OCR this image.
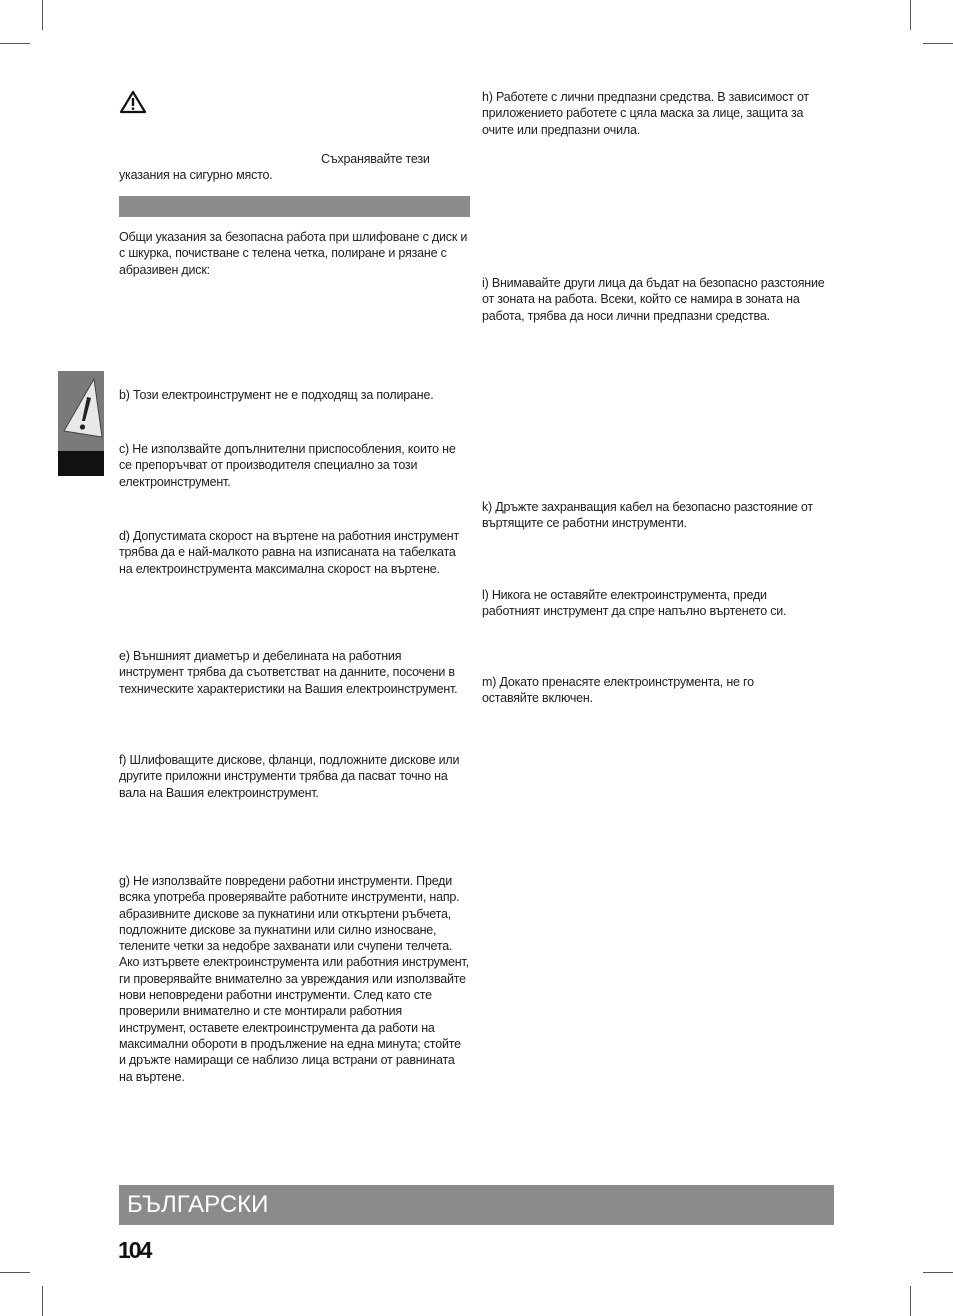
Съхранявайте тези

указания на сигурно място.

Общи указания за безопасна работа при шлифоване с диск и с шкурка, почистване с телена четка, полиране и рязане с абразивен диск:

b) Този електроинструмент не е подходящ за полиране.

c) Не използвайте допълнителни приспособления, които не се препоръчват от производителя специално за този електроинструмент.

d) Допустимата скорост на въртене на работния инструмент трябва да е най-малкото равна на изписаната на табелката на електроинструмента максимална скорост на въртене.

e) Външният диаметър и дебелината на работния инструмент трябва да съответстват на данните, посочени в техническите характеристики на Вашия електроинструмент.

f) Шлифоващите дискове, фланци, подложните дискове или другите приложни инструменти трябва да пасват точно на вала на Вашия електроинструмент.

g) Не използвайте повредени работни инструменти. Преди всяка употреба проверявайте работните инструменти, напр. абразивните дискове за пукнатини или откъртени ръбчета, подложните дискове за пукнатини или силно износване, телените четки за недобре захванати или счупени телчета. Ако изтървете електроинструмента или работния инструмент, ги проверявайте внимателно за увреждания или използвайте нови неповредени работни инструменти. След като сте проверили внимателно и сте монтирали работния инструмент, оставете електроинструмента да работи на максимални обороти в продължение на една минута; стойте и дръжте намиращи се наблизо лица встрани от равнината на въртене.

h) Работете с лични предпазни средства. В зависимост от приложението работете с цяла маска за лице, защита за очите или предпазни очила.

i) Внимавайте други лица да бъдат на безопасно разстояние от зоната на работа. Всеки, който се намира в зоната на работа, трябва да носи лични предпазни средства.

k) Дръжте захранващия кабел на безопасно разстояние от въртящите се работни инструменти.

l) Никога не оставяйте електроинструмента, преди работният инструмент да спре напълно въртенето си.

m) Докато пренасяте електроинструмента, не го оставяйте включен.

БЪЛГАРСКИ
104
